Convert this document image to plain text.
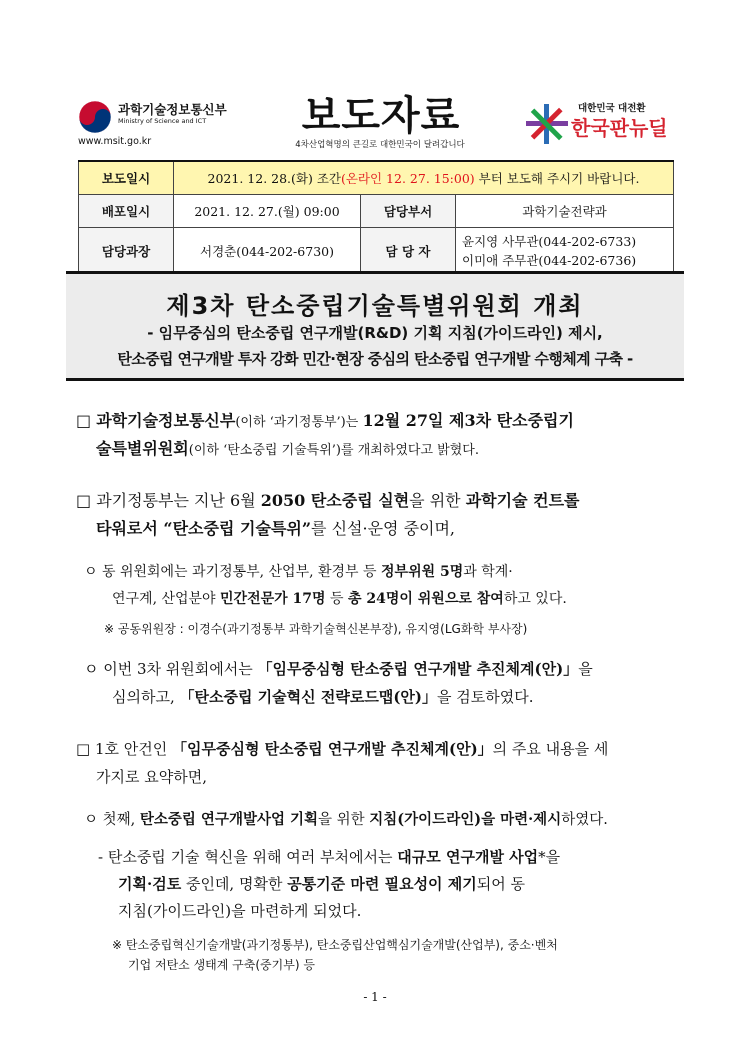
과학기술정보통신부
Ministry of Science and ICT
www.msit.go.kr
보도자료
4차산업혁명의 큰길로 대한민국이 달려갑니다
대한민국 대전환
한국판뉴딜
보도일시	2021. 12. 28.(화) 조간(온라인 12. 27. 15:00) 부터 보도해 주시기 바랍니다.		
배포일시	2021. 12. 27.(월) 09:00	담당부서	과학기술전략과
담당과장	서경춘(044-202-6730)	담 당 자	윤지영 사무관(044-202-6733)
이미애 주무관(044-202-6736)
제3차 탄소중립기술특별위원회 개최
- 임무중심의 탄소중립 연구개발(R&D) 기획 지침(가이드라인) 제시,
탄소중립 연구개발 투자 강화 민간·현장 중심의 탄소중립 연구개발 수행체계 구축 -
□ 과학기술정보통신부(이하 ‘과기정통부’)는 12월 27일 제3차 탄소중립기
술특별위원회(이하 ‘탄소중립 기술특위’)를 개최하였다고 밝혔다.
□ 과기정통부는 지난 6월 2050 탄소중립 실현을 위한 과학기술 컨트롤
타워로서 “탄소중립 기술특위”를 신설·운영 중이며,
ㅇ 동 위원회에는 과기정통부, 산업부, 환경부 등 정부위원 5명과 학계·
연구계, 산업분야 민간전문가 17명 등 총 24명이 위원으로 참여하고 있다.
※ 공동위원장 : 이경수(과기정통부 과학기술혁신본부장), 유지영(LG화학 부사장)
ㅇ 이번 3차 위원회에서는 「임무중심형 탄소중립 연구개발 추진체계(안)」을
심의하고, 「탄소중립 기술혁신 전략로드맵(안)」을 검토하였다.
□ 1호 안건인 「임무중심형 탄소중립 연구개발 추진체계(안)」의 주요 내용을 세
가지로 요약하면,
ㅇ 첫째, 탄소중립 연구개발사업 기획을 위한 지침(가이드라인)을 마련·제시하였다.
- 탄소중립 기술 혁신을 위해 여러 부처에서는 대규모 연구개발 사업*을
기획·검토 중인데, 명확한 공통기준 마련 필요성이 제기되어 동
지침(가이드라인)을 마련하게 되었다.
※ 탄소중립혁신기술개발(과기정통부), 탄소중립산업핵심기술개발(산업부), 중소·벤처
기업 저탄소 생태계 구축(중기부) 등
- 1 -
